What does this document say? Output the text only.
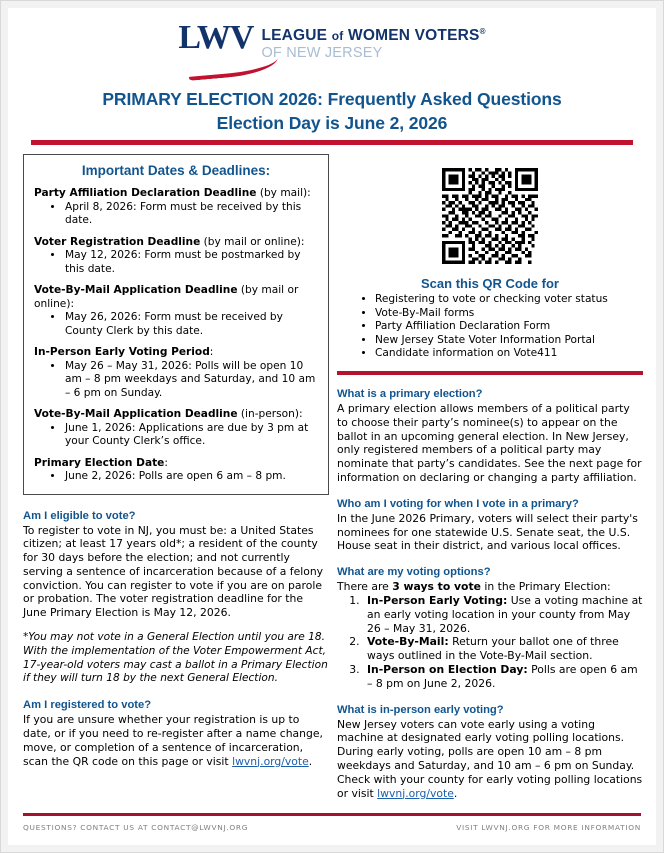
LWV LEAGUE of WOMEN VOTERS®
OF NEW JERSEY
PRIMARY ELECTION 2026: Frequently Asked Questions
Election Day is June 2, 2026
Important Dates & Deadlines:
Party Affiliation Declaration Deadline (by mail):
• April 8, 2026: Form must be received by this date.
Voter Registration Deadline (by mail or online):
• May 12, 2026: Form must be postmarked by this date.
Vote-By-Mail Application Deadline (by mail or online):
• May 26, 2026: Form must be received by County Clerk by this date.
In-Person Early Voting Period:
• May 26 – May 31, 2026: Polls will be open 10 am – 8 pm weekdays and Saturday, and 10 am – 6 pm on Sunday.
Vote-By-Mail Application Deadline (in-person):
• June 1, 2026: Applications are due by 3 pm at your County Clerk’s office.
Primary Election Date:
• June 2, 2026: Polls are open 6 am – 8 pm.
Am I eligible to vote?
To register to vote in NJ, you must be: a United States citizen; at least 17 years old*; a resident of the county for 30 days before the election; and not currently serving a sentence of incarceration because of a felony conviction. You can register to vote if you are on parole or probation. The voter registration deadline for the June Primary Election is May 12, 2026.
*You may not vote in a General Election until you are 18. With the implementation of the Voter Empowerment Act, 17-year-old voters may cast a ballot in a Primary Election if they will turn 18 by the next General Election.
Am I registered to vote?
If you are unsure whether your registration is up to date, or if you need to re-register after a name change, move, or completion of a sentence of incarceration, scan the QR code on this page or visit lwvnj.org/vote.
Scan this QR Code for
• Registering to vote or checking voter status
• Vote-By-Mail forms
• Party Affiliation Declaration Form
• New Jersey State Voter Information Portal
• Candidate information on Vote411
What is a primary election?
A primary election allows members of a political party to choose their party’s nominee(s) to appear on the ballot in an upcoming general election. In New Jersey, only registered members of a political party may nominate that party’s candidates. See the next page for information on declaring or changing a party affiliation.
Who am I voting for when I vote in a primary?
In the June 2026 Primary, voters will select their party's nominees for one statewide U.S. Senate seat, the U.S. House seat in their district, and various local offices.
What are my voting options?
There are 3 ways to vote in the Primary Election:
1. In-Person Early Voting: Use a voting machine at an early voting location in your county from May 26 – May 31, 2026.
2. Vote-By-Mail: Return your ballot one of three ways outlined in the Vote-By-Mail section.
3. In-Person on Election Day: Polls are open 6 am – 8 pm on June 2, 2026.
What is in-person early voting?
New Jersey voters can vote early using a voting machine at designated early voting polling locations. During early voting, polls are open 10 am – 8 pm weekdays and Saturday, and 10 am – 6 pm on Sunday. Check with your county for early voting polling locations or visit lwvnj.org/vote.
QUESTIONS? CONTACT US AT CONTACT@LWVNJ.ORG	VISIT LWVNJ.ORG FOR MORE INFORMATION
